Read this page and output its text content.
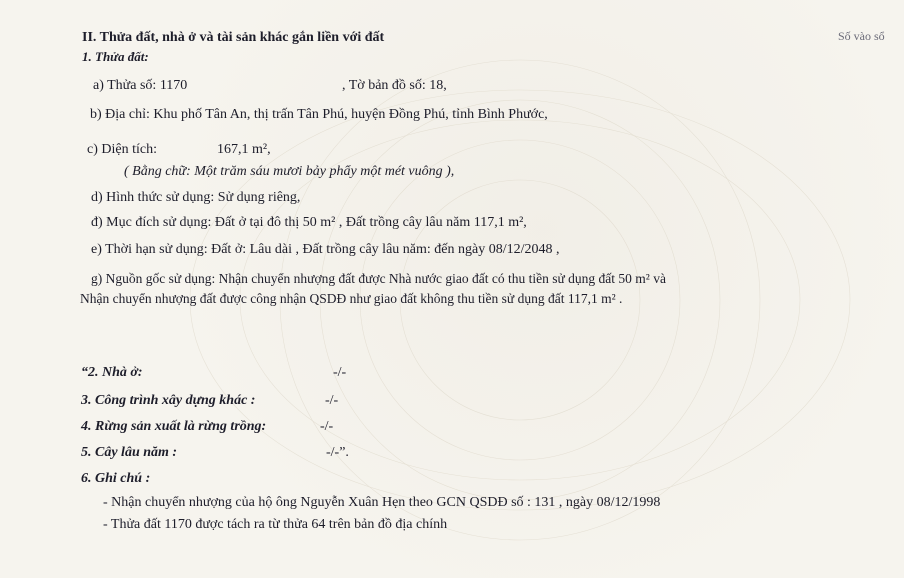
II. Thửa đất, nhà ở và tài sản khác gắn liền với đất	Số vào sổ
1. Thửa đất:
a) Thửa số: 1170	, Tờ bản đồ số: 18,
b) Địa chỉ: Khu phố Tân An, thị trấn Tân Phú, huyện Đồng Phú, tỉnh Bình Phước,
c) Diện tích:	167,1 m²,
( Bằng chữ: Một trăm sáu mươi bảy phẩy một mét vuông ),
d) Hình thức sử dụng: Sử dụng riêng,
đ) Mục đích sử dụng: Đất ở tại đô thị 50 m² , Đất trồng cây lâu năm 117,1 m²,
e) Thời hạn sử dụng: Đất ở: Lâu dài , Đất trồng cây lâu năm: đến ngày 08/12/2048 ,
g) Nguồn gốc sử dụng: Nhận chuyển nhượng đất được Nhà nước giao đất có thu tiền sử dụng đất 50 m² và
Nhận chuyển nhượng đất được công nhận QSDĐ như giao đất không thu tiền sử dụng đất 117,1 m² .
“2. Nhà ở:	-/-
3. Công trình xây dựng khác :	-/-
4. Rừng sản xuất là rừng trồng:	-/-
5. Cây lâu năm :	-/-”.
6. Ghi chú :
- Nhận chuyển nhượng của hộ ông Nguyễn Xuân Hẹn theo GCN QSDĐ số : 131 , ngày 08/12/1998
- Thửa đất 1170 được tách ra từ thửa 64 trên bản đồ địa chính
